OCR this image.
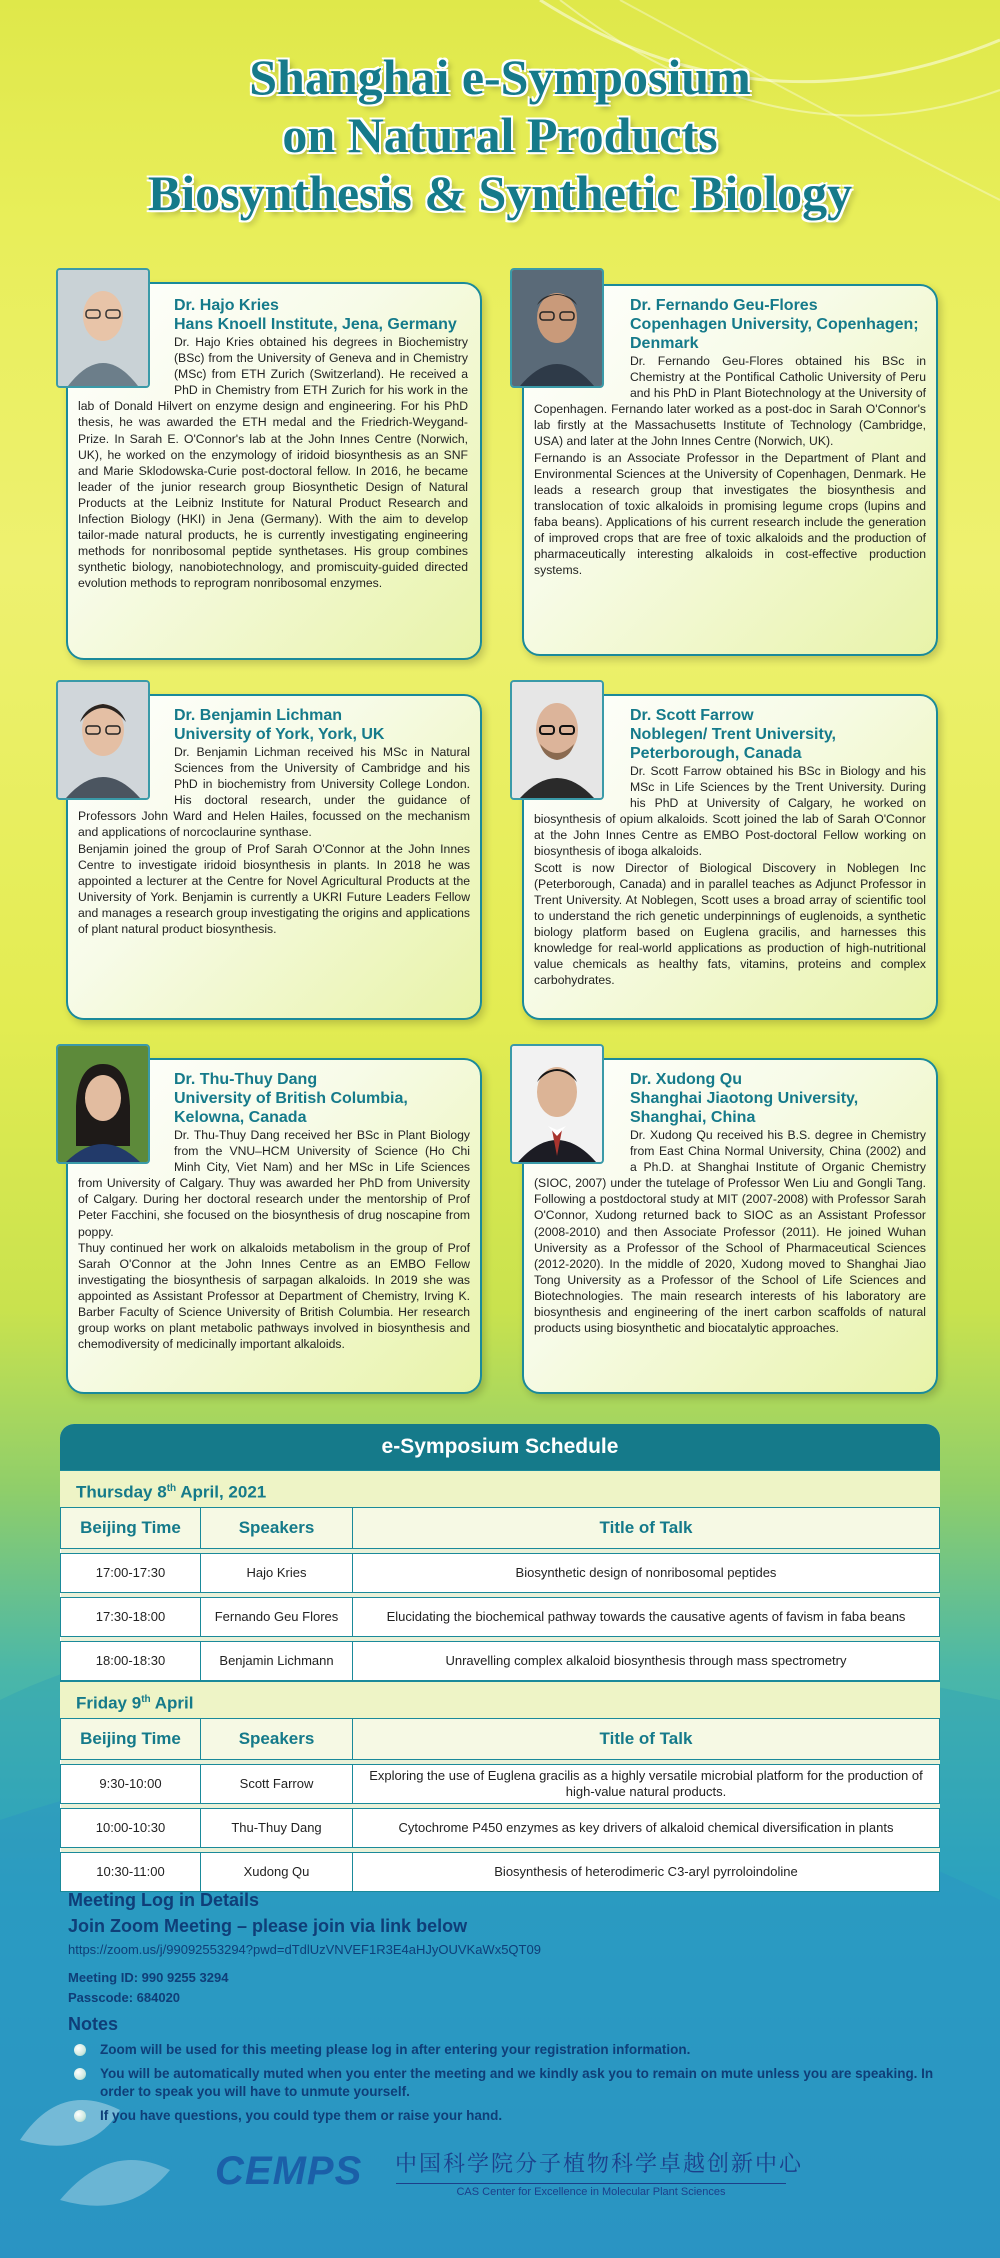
Shanghai e-Symposium
on Natural Products
Biosynthesis & Synthetic Biology
Dr. Hajo Kries
Hans Knoell Institute, Jena, Germany

Dr. Hajo Kries obtained his degrees in Biochemistry (BSc) from the University of Geneva and in Chemistry (MSc) from ETH Zurich (Switzerland). He received a PhD in Chemistry from ETH Zurich for his work in the lab of Donald Hilvert on enzyme design and engineering. For his PhD thesis, he was awarded the ETH medal and the Friedrich-Weygand-Prize. In Sarah E. O'Connor's lab at the John Innes Centre (Norwich, UK), he worked on the enzymology of iridoid biosynthesis as an SNF and Marie Sklodowska-Curie post-doctoral fellow. In 2016, he became leader of the junior research group Biosynthetic Design of Natural Products at the Leibniz Institute for Natural Product Research and Infection Biology (HKI) in Jena (Germany). With the aim to develop tailor-made natural products, he is currently investigating engineering methods for nonribosomal peptide synthetases. His group combines synthetic biology, nanobiotechnology, and promiscuity-guided directed evolution methods to reprogram nonribosomal enzymes.

Dr. Fernando Geu-Flores
Copenhagen University, Copenhagen; Denmark

Dr. Fernando Geu-Flores obtained his BSc in Chemistry at the Pontifical Catholic University of Peru and his PhD in Plant Biotechnology at the University of Copenhagen. Fernando later worked as a post-doc in Sarah O'Connor's lab firstly at the Massachusetts Institute of Technology (Cambridge, USA) and later at the John Innes Centre (Norwich, UK).
Fernando is an Associate Professor in the Department of Plant and Environmental Sciences at the University of Copenhagen, Denmark. He leads a research group that investigates the biosynthesis and translocation of toxic alkaloids in promising legume crops (lupins and faba beans). Applications of his current research include the generation of improved crops that are free of toxic alkaloids and the production of pharmaceutically interesting alkaloids in cost-effective production systems.

Dr. Benjamin Lichman
University of York, York, UK

Dr. Benjamin Lichman received his MSc in Natural Sciences from the University of Cambridge and his PhD in biochemistry from University College London. His doctoral research, under the guidance of Professors John Ward and Helen Hailes, focussed on the mechanism and applications of norcoclaurine synthase.
Benjamin joined the group of Prof Sarah O'Connor at the John Innes Centre to investigate iridoid biosynthesis in plants. In 2018 he was appointed a lecturer at the Centre for Novel Agricultural Products at the University of York. Benjamin is currently a UKRI Future Leaders Fellow and manages a research group investigating the origins and applications of plant natural product biosynthesis.

Dr. Scott Farrow
Noblegen/ Trent University, Peterborough, Canada

Dr. Scott Farrow obtained his BSc in Biology and his MSc in Life Sciences by the Trent University. During his PhD at University of Calgary, he worked on biosynthesis of opium alkaloids. Scott joined the lab of Sarah O'Connor at the John Innes Centre as EMBO Post-doctoral Fellow working on biosynthesis of iboga alkaloids.
Scott is now Director of Biological Discovery in Noblegen Inc (Peterborough, Canada) and in parallel teaches as Adjunct Professor in Trent University. At Noblegen, Scott uses a broad array of scientific tool to understand the rich genetic underpinnings of euglenoids, a synthetic biology platform based on Euglena gracilis, and harnesses this knowledge for real-world applications as production of high-nutritional value chemicals as healthy fats, vitamins, proteins and complex carbohydrates.

Dr. Thu-Thuy Dang
University of British Columbia, Kelowna, Canada

Dr. Thu-Thuy Dang received her BSc in Plant Biology from the VNU–HCM University of Science (Ho Chi Minh City, Viet Nam) and her MSc in Life Sciences from University of Calgary. Thuy was awarded her PhD from University of Calgary. During her doctoral research under the mentorship of Prof Peter Facchini, she focused on the biosynthesis of drug noscapine from poppy.
Thuy continued her work on alkaloids metabolism in the group of Prof Sarah O'Connor at the John Innes Centre as an EMBO Fellow investigating the biosynthesis of sarpagan alkaloids. In 2019 she was appointed as Assistant Professor at Department of Chemistry, Irving K. Barber Faculty of Science University of British Columbia. Her research group works on plant metabolic pathways involved in biosynthesis and chemodiversity of medicinally important alkaloids.

Dr. Xudong Qu
Shanghai Jiaotong University, Shanghai, China

Dr. Xudong Qu received his B.S. degree in Chemistry from East China Normal University, China (2002) and a Ph.D. at Shanghai Institute of Organic Chemistry (SIOC, 2007) under the tutelage of Professor Wen Liu and Gongli Tang. Following a postdoctoral study at MIT (2007-2008) with Professor Sarah O'Connor, Xudong returned back to SIOC as an Assistant Professor (2008-2010) and then Associate Professor (2011). He joined Wuhan University as a Professor of the School of Pharmaceutical Sciences (2012-2020). In the middle of 2020, Xudong moved to Shanghai Jiao Tong University as a Professor of the School of Life Sciences and Biotechnologies. The main research interests of his laboratory are biosynthesis and engineering of the inert carbon scaffolds of natural products using biosynthetic and biocatalytic approaches.

e-Symposium Schedule
Thursday 8th April, 2021
Beijing Time	Speakers	Title of Talk

17:00-17:30	Hajo Kries	Biosynthetic design of nonribosomal peptides

17:30-18:00	Fernando Geu Flores	Elucidating the biochemical pathway towards the causative agents of favism in faba beans

18:00-18:30	Benjamin Lichmann	Unravelling complex alkaloid biosynthesis through mass spectrometry
Friday 9th April
Beijing Time	Speakers	Title of Talk

9:30-10:00	Scott Farrow	Exploring the use of Euglena gracilis as a highly versatile microbial platform for the production of high-value natural products.

10:00-10:30	Thu-Thuy Dang	Cytochrome P450 enzymes as key drivers of alkaloid chemical diversification in plants

10:30-11:00	Xudong Qu	Biosynthesis of heterodimeric C3-aryl pyrroloindoline

Meeting Log in Details

Join Zoom Meeting – please join via link below

https://zoom.us/j/99092553294?pwd=dTdlUzVNVEF1R3E4aHJyOUVKaWx5QT09
Meeting ID: 990 9255 3294
Passcode: 684020
Notes
Zoom will be used for this meeting please log in after entering your registration information.
You will be automatically muted when you enter the meeting and we kindly ask you to remain on mute unless you are speaking. In order to speak you will have to unmute yourself.
If you have questions, you could type them or raise your hand.
CEMPS 中国科学院分子植物科学卓越创新中心
CAS Center for Excellence in Molecular Plant Sciences
